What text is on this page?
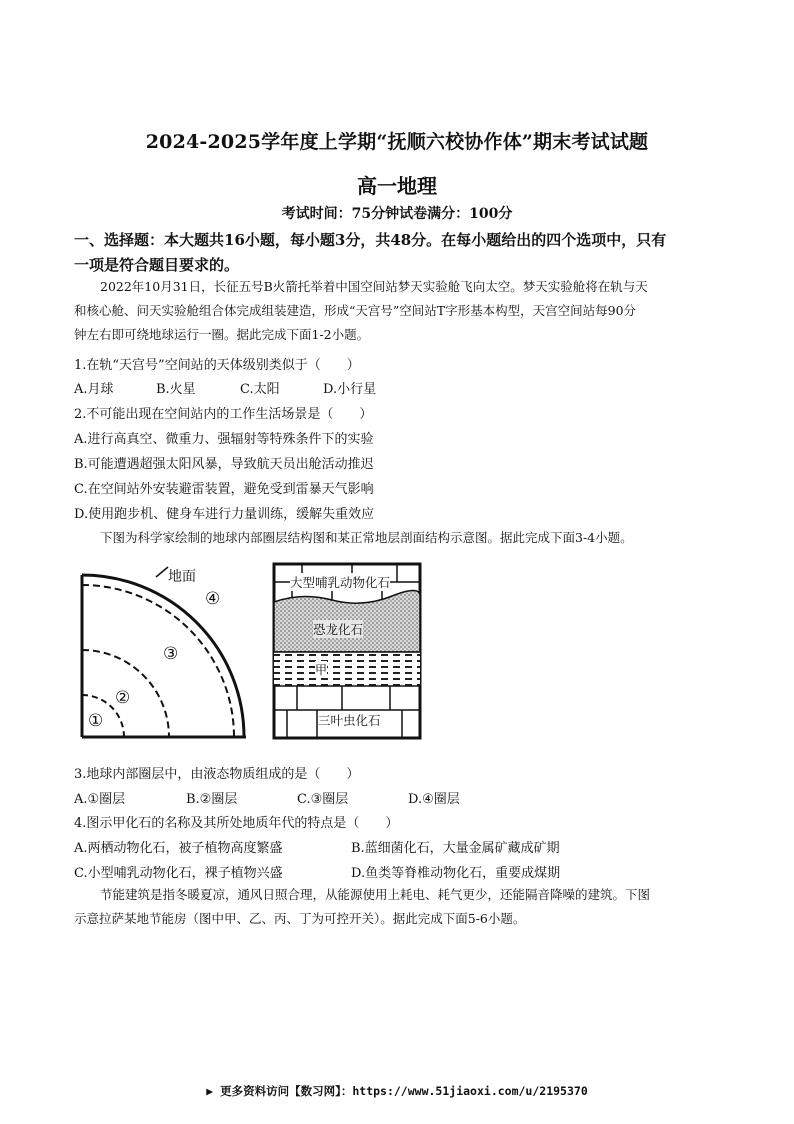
2024-2025学年度上学期“抚顺六校协作体”期末考试试题
高一地理
考试时间：75分钟试卷满分：100分
一、选择题：本大题共16小题，每小题3分，共48分。在每小题给出的四个选项中，只有
一项是符合题目要求的。
2022年10月31日，长征五号B火箭托举着中国空间站梦天实验舱飞向太空。梦天实验舱将在轨与天
和核心舱、问天实验舱组合体完成组装建造，形成“天宫号”空间站T字形基本构型，天宫空间站每90分
钟左右即可绕地球运行一圈。据此完成下面1-2小题。
1.在轨“天宫号”空间站的天体级别类似于（　　）
A.月球	B.火星	C.太阳	D.小行星
2.不可能出现在空间站内的工作生活场景是（　　）
A.进行高真空、微重力、强辐射等特殊条件下的实验
B.可能遭遇超强太阳风暴，导致航天员出舱活动推迟
C.在空间站外安装避雷装置，避免受到雷暴天气影响
D.使用跑步机、健身车进行力量训练，缓解失重效应
下图为科学家绘制的地球内部圈层结构图和某正常地层剖面结构示意图。据此完成下面3-4小题。
地面
④
③
②
①
大型哺乳动物化石
恐龙化石
甲
三叶虫化石
3.地球内部圈层中，由液态物质组成的是（　　）
A.①圈层	B.②圈层	C.③圈层	D.④圈层
4.图示甲化石的名称及其所处地质年代的特点是（　　）
A.两栖动物化石，被子植物高度繁盛	B.蓝细菌化石，大量金属矿藏成矿期
C.小型哺乳动物化石，裸子植物兴盛	D.鱼类等脊椎动物化石，重要成煤期
节能建筑是指冬暖夏凉，通风日照合理，从能源使用上耗电、耗气更少，还能隔音降噪的建筑。下图
示意拉萨某地节能房（图中甲、乙、丙、丁为可控开关）。据此完成下面5-6小题。
▶ 更多资料访问【数习网】：https://www.51jiaoxi.com/u/2195370
